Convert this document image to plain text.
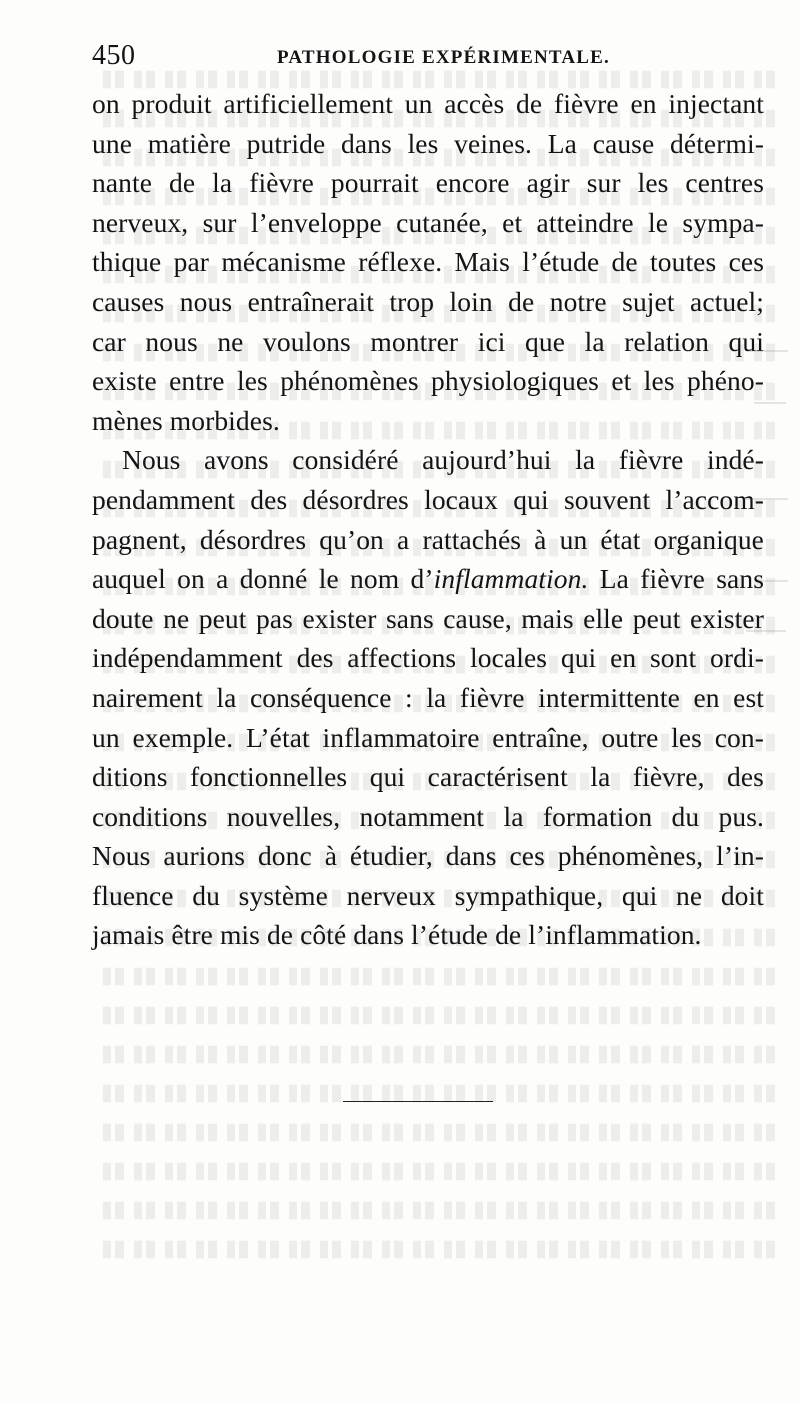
450	PATHOLOGIE EXPÉRIMENTALE.
on produit artificiellement un accès de fièvre en injectant
une matière putride dans les veines. La cause détermi-
nante de la fièvre pourrait encore agir sur les centres
nerveux, sur l’enveloppe cutanée, et atteindre le sympa-
thique par mécanisme réflexe. Mais l’étude de toutes ces
causes nous entraînerait trop loin de notre sujet actuel;
car nous ne voulons montrer ici que la relation qui
existe entre les phénomènes physiologiques et les phéno-
mènes morbides.
Nous avons considéré aujourd’hui la fièvre indé-
pendamment des désordres locaux qui souvent l’accom-
pagnent, désordres qu’on a rattachés à un état organique
auquel on a donné le nom d’inflammation. La fièvre sans
doute ne peut pas exister sans cause, mais elle peut exister
indépendamment des affections locales qui en sont ordi-
nairement la conséquence : la fièvre intermittente en est
un exemple. L’état inflammatoire entraîne, outre les con-
ditions fonctionnelles qui caractérisent la fièvre, des
conditions nouvelles, notamment la formation du pus.
Nous aurions donc à étudier, dans ces phénomènes, l’in-
fluence du système nerveux sympathique, qui ne doit
jamais être mis de côté dans l’étude de l’inflammation.
